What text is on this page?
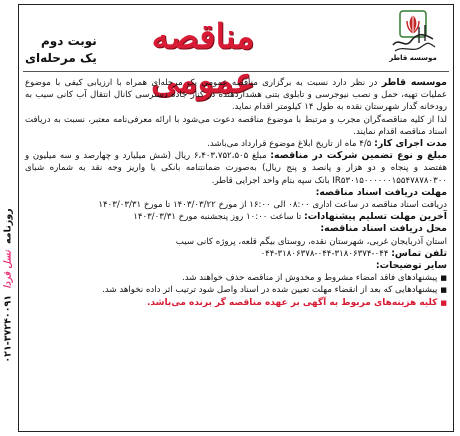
روزنامه نسل فردا ۰۲۱-۳۷۲۴۰۰۹۱
موسسه قاطر
مناقصه عمومی
نوبت دوم
یک مرحله‌ای

موسسه قاطر در نظر دارد نسبت به برگزاری مناقصه عمومی یک مرحله‌ای همراه با ارزیابی کیفی با موضوع عملیات تهیه، حمل و نصب نیوجرسی و تابلوی بتنی هشداردهنده در کنار جاده دسترسی کانال انتقال آب کانی سیب به رودخانه گدار شهرستان نقده به طول ۱۴ کیلومتر اقدام نماید.

لذا از کلیه مناقصه‌گران مجرب و مرتبط با موضوع مناقصه دعوت می‌شود با ارائه معرفی‌نامه معتبر، نسبت به دریافت اسناد مناقصه اقدام نمایند.

مدت اجرای کار: ۴/۵ ماه از تاریخ ابلاغ موضوع قرارداد می‌باشد.

مبلغ و نوع تضمین شرکت در مناقصه: مبلغ ۶،۴۰۳،۷۵۲،۵۰۵ ریال (شش میلیارد و چهارصد و سه میلیون و هفتصد و پنجاه و دو هزار و پانصد و پنج ریال) به‌صورت ضمانتنامه بانکی یا واریز وجه نقد به شماره شبای IR۵۳۰۱۵۰۰۰۰۰۰۱۵۵۴۷۸۷۸۰۳۰۰ بانک سپه بنام واحد اجرایی قاطر.

مهلت دریافت اسناد مناقصه:

دریافت اسناد مناقصه در ساعت اداری ۰۸:۰۰ الی ۱۶:۰۰ از مورخ ۱۴۰۳/۰۳/۲۲ تا مورخ ۱۴۰۳/۰۳/۳۱

آخرین مهلت تسلیم پیشنهادات: تا ساعت ۱۰:۰۰ روز پنجشنبه مورخ ۱۴۰۳/۰۳/۳۱

محل دریافت اسناد مناقصه:

استان آذربایجان غربی، شهرستان نقده، روستای بیگم قلعه، پروژه کانی سیب

تلفن تماس: ۰۴۴-۳۱۸۰۶۳۷۴-۰۴۴-۳۱۸۰۶۳۷۸-۰۴۴

سایر توضیحات:

■ پیشنهادهای فاقد امضاء مشروط و مخدوش از مناقصه حذف خواهند شد.

■ پیشنهادهایی که بعد از انقضاء مهلت تعیین شده در اسناد واصل شود ترتیب اثر داده نخواهد شد.

■ کلیه هزینه‌های مربوط به آگهی بر عهده مناقصه گر برنده می‌باشد.
